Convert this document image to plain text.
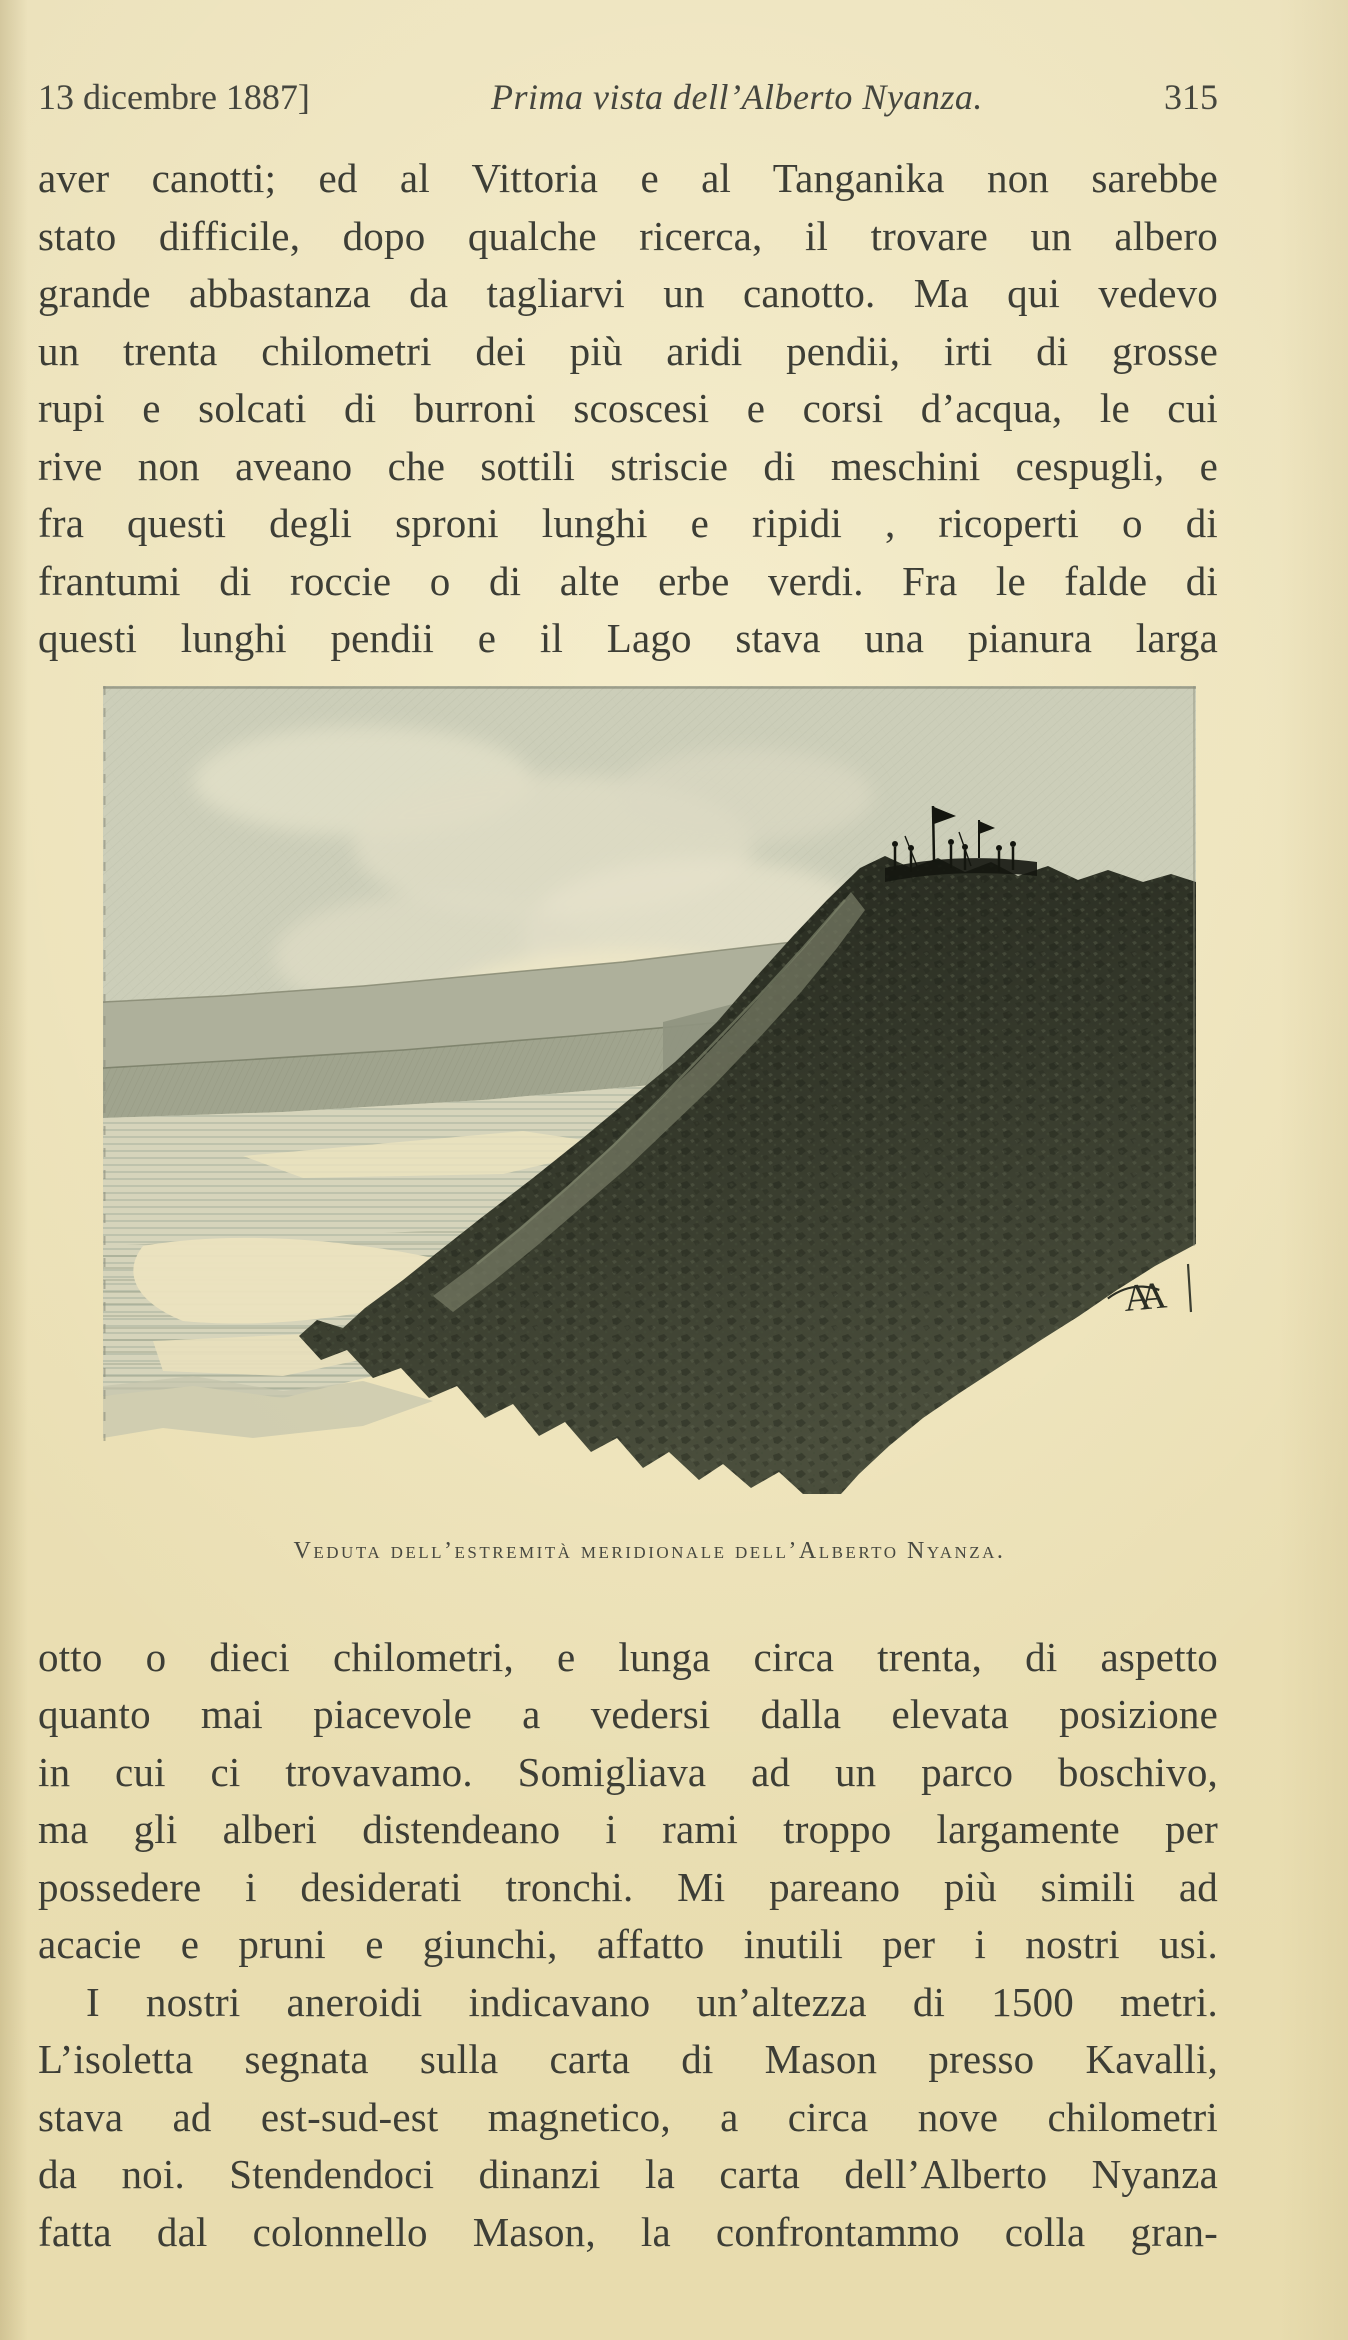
13 dicembre 1887]	Prima vista dell’Alberto Nyanza.	315
aver canotti; ed al Vittoria e al Tanganika non sarebbe
stato difficile, dopo qualche ricerca, il trovare un albero
grande abbastanza da tagliarvi un canotto. Ma qui vedevo
un trenta chilometri dei più aridi pendii, irti di grosse
rupi e solcati di burroni scoscesi e corsi d’acqua, le cui
rive non aveano che sottili striscie di meschini cespugli, e
fra questi degli sproni lunghi e ripidi , ricoperti o di
frantumi di roccie o di alte erbe verdi. Fra le falde di
questi lunghi pendii e il Lago stava una pianura larga
AA
Veduta dell’estremità meridionale dell’Alberto Nyanza.
otto o dieci chilometri, e lunga circa trenta, di aspetto
quanto mai piacevole a vedersi dalla elevata posizione
in cui ci trovavamo. Somigliava ad un parco boschivo,
ma gli alberi distendeano i rami troppo largamente per
possedere i desiderati tronchi. Mi pareano più simili ad
acacie e pruni e giunchi, affatto inutili per i nostri usi.
I nostri aneroidi indicavano un’altezza di 1500 metri.
L’isoletta segnata sulla carta di Mason presso Kavalli,
stava ad est-sud-est magnetico, a circa nove chilometri
da noi. Stendendoci dinanzi la carta dell’Alberto Nyanza
fatta dal colonnello Mason, la confrontammo colla gran-
